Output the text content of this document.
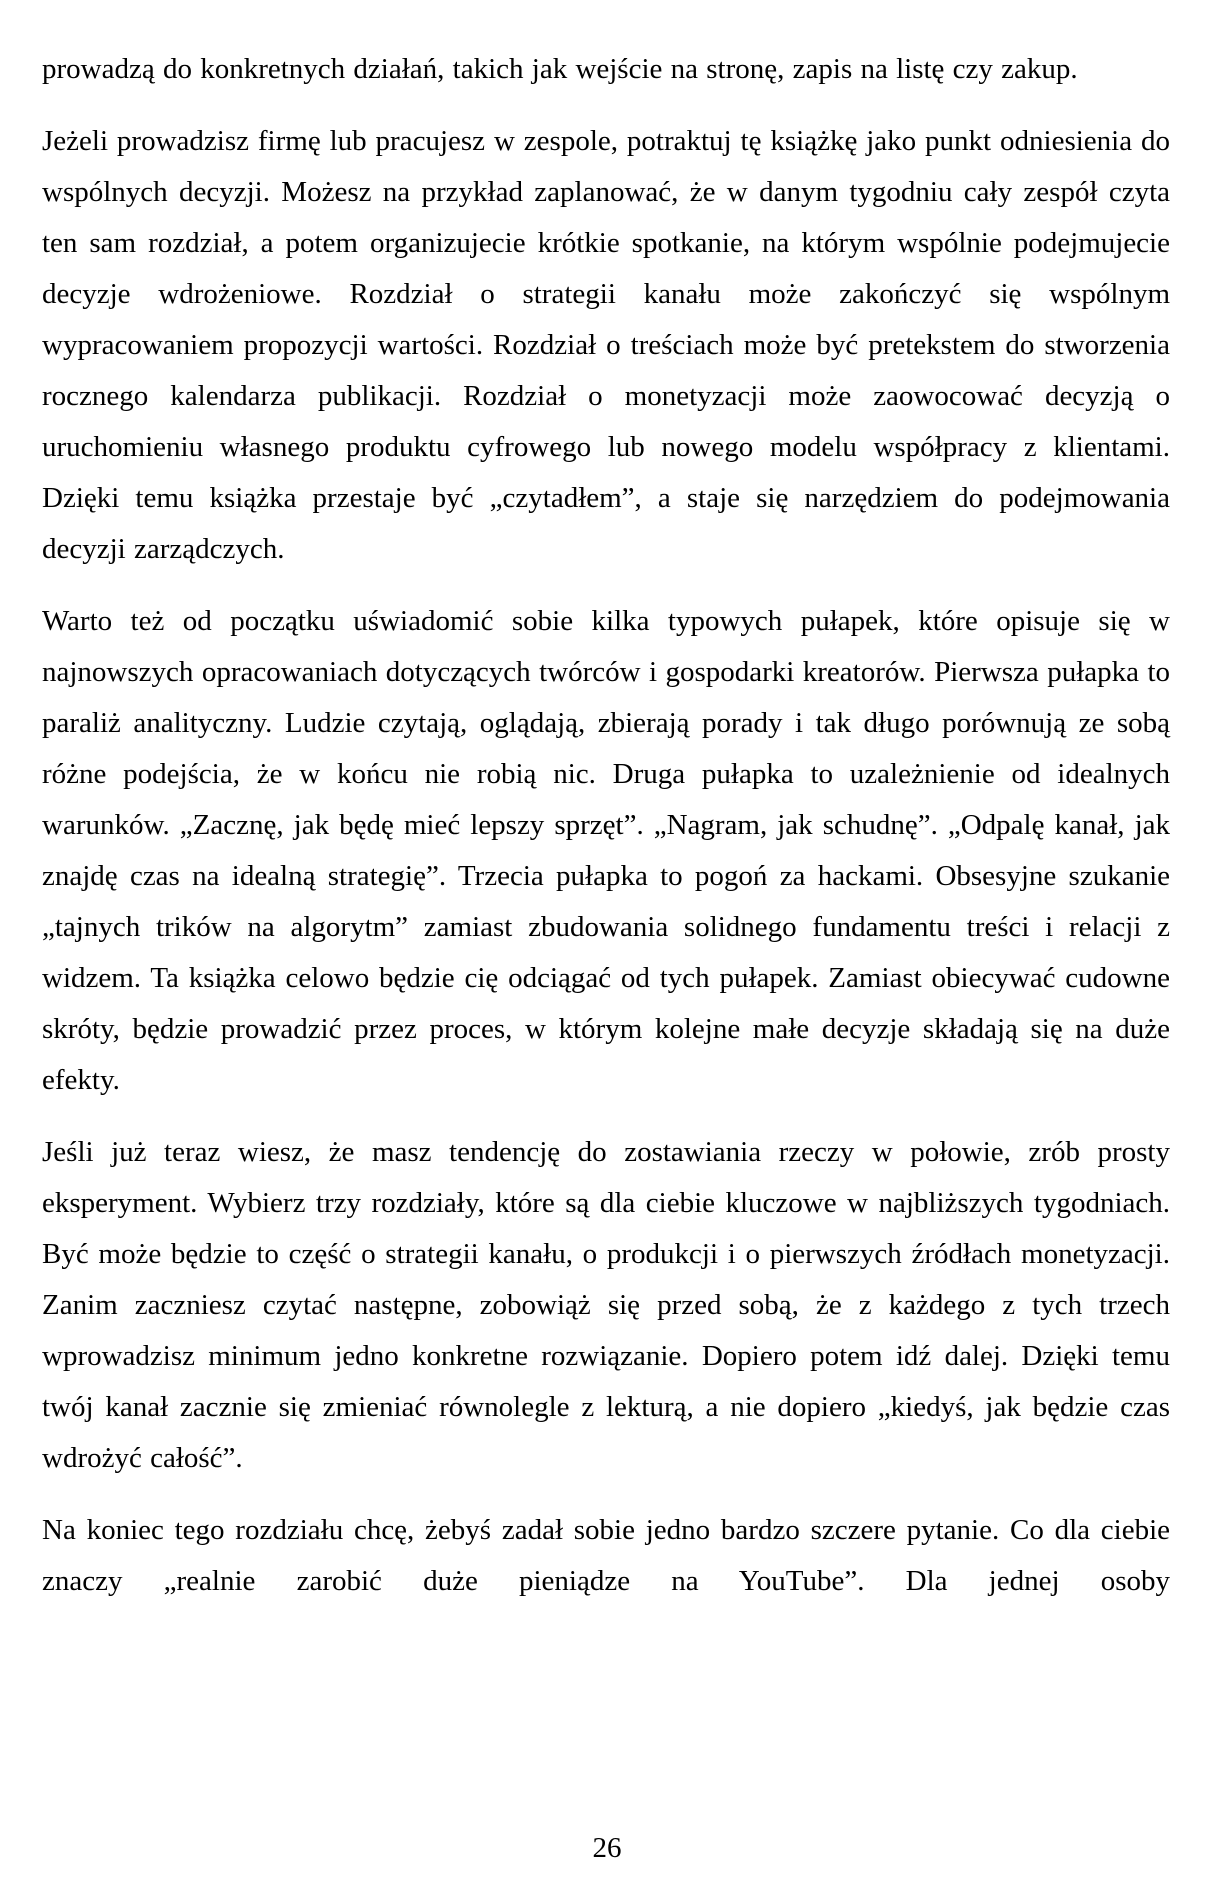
prowadzą do konkretnych działań, takich jak wejście na stronę, zapis na listę czy zakup.

Jeżeli prowadzisz firmę lub pracujesz w zespole, potraktuj tę książkę jako punkt odniesienia do wspólnych decyzji. Możesz na przykład zaplanować, że w danym tygodniu cały zespół czyta ten sam rozdział, a potem organizujecie krótkie spotkanie, na którym wspólnie podejmujecie decyzje wdrożeniowe. Rozdział o strategii kanału może zakończyć się wspólnym wypracowaniem propozycji wartości. Rozdział o treściach może być pretekstem do stworzenia rocznego kalendarza publikacji. Rozdział o monetyzacji może zaowocować decyzją o uruchomieniu własnego produktu cyfrowego lub nowego modelu współpracy z klientami. Dzięki temu książka przestaje być „czytadłem”, a staje się narzędziem do podejmowania decyzji zarządczych.

Warto też od początku uświadomić sobie kilka typowych pułapek, które opisuje się w najnowszych opracowaniach dotyczących twórców i gospodarki kreatorów. Pierwsza pułapka to paraliż analityczny. Ludzie czytają, oglądają, zbierają porady i tak długo porównują ze sobą różne podejścia, że w końcu nie robią nic. Druga pułapka to uzależnienie od idealnych warunków. „Zacznę, jak będę mieć lepszy sprzęt”. „Nagram, jak schudnę”. „Odpalę kanał, jak znajdę czas na idealną strategię”. Trzecia pułapka to pogoń za hackami. Obsesyjne szukanie „tajnych trików na algorytm” zamiast zbudowania solidnego fundamentu treści i relacji z widzem. Ta książka celowo będzie cię odciągać od tych pułapek. Zamiast obiecywać cudowne skróty, będzie prowadzić przez proces, w którym kolejne małe decyzje składają się na duże efekty.

Jeśli już teraz wiesz, że masz tendencję do zostawiania rzeczy w połowie, zrób prosty eksperyment. Wybierz trzy rozdziały, które są dla ciebie kluczowe w najbliższych tygodniach. Być może będzie to część o strategii kanału, o produkcji i o pierwszych źródłach monetyzacji. Zanim zaczniesz czytać następne, zobowiąż się przed sobą, że z każdego z tych trzech wprowadzisz minimum jedno konkretne rozwiązanie. Dopiero potem idź dalej. Dzięki temu twój kanał zacznie się zmieniać równolegle z lekturą, a nie dopiero „kiedyś, jak będzie czas wdrożyć całość”.

Na koniec tego rozdziału chcę, żebyś zadał sobie jedno bardzo szczere pytanie. Co dla ciebie znaczy „realnie zarobić duże pieniądze na YouTube”. Dla jednej osoby

26
